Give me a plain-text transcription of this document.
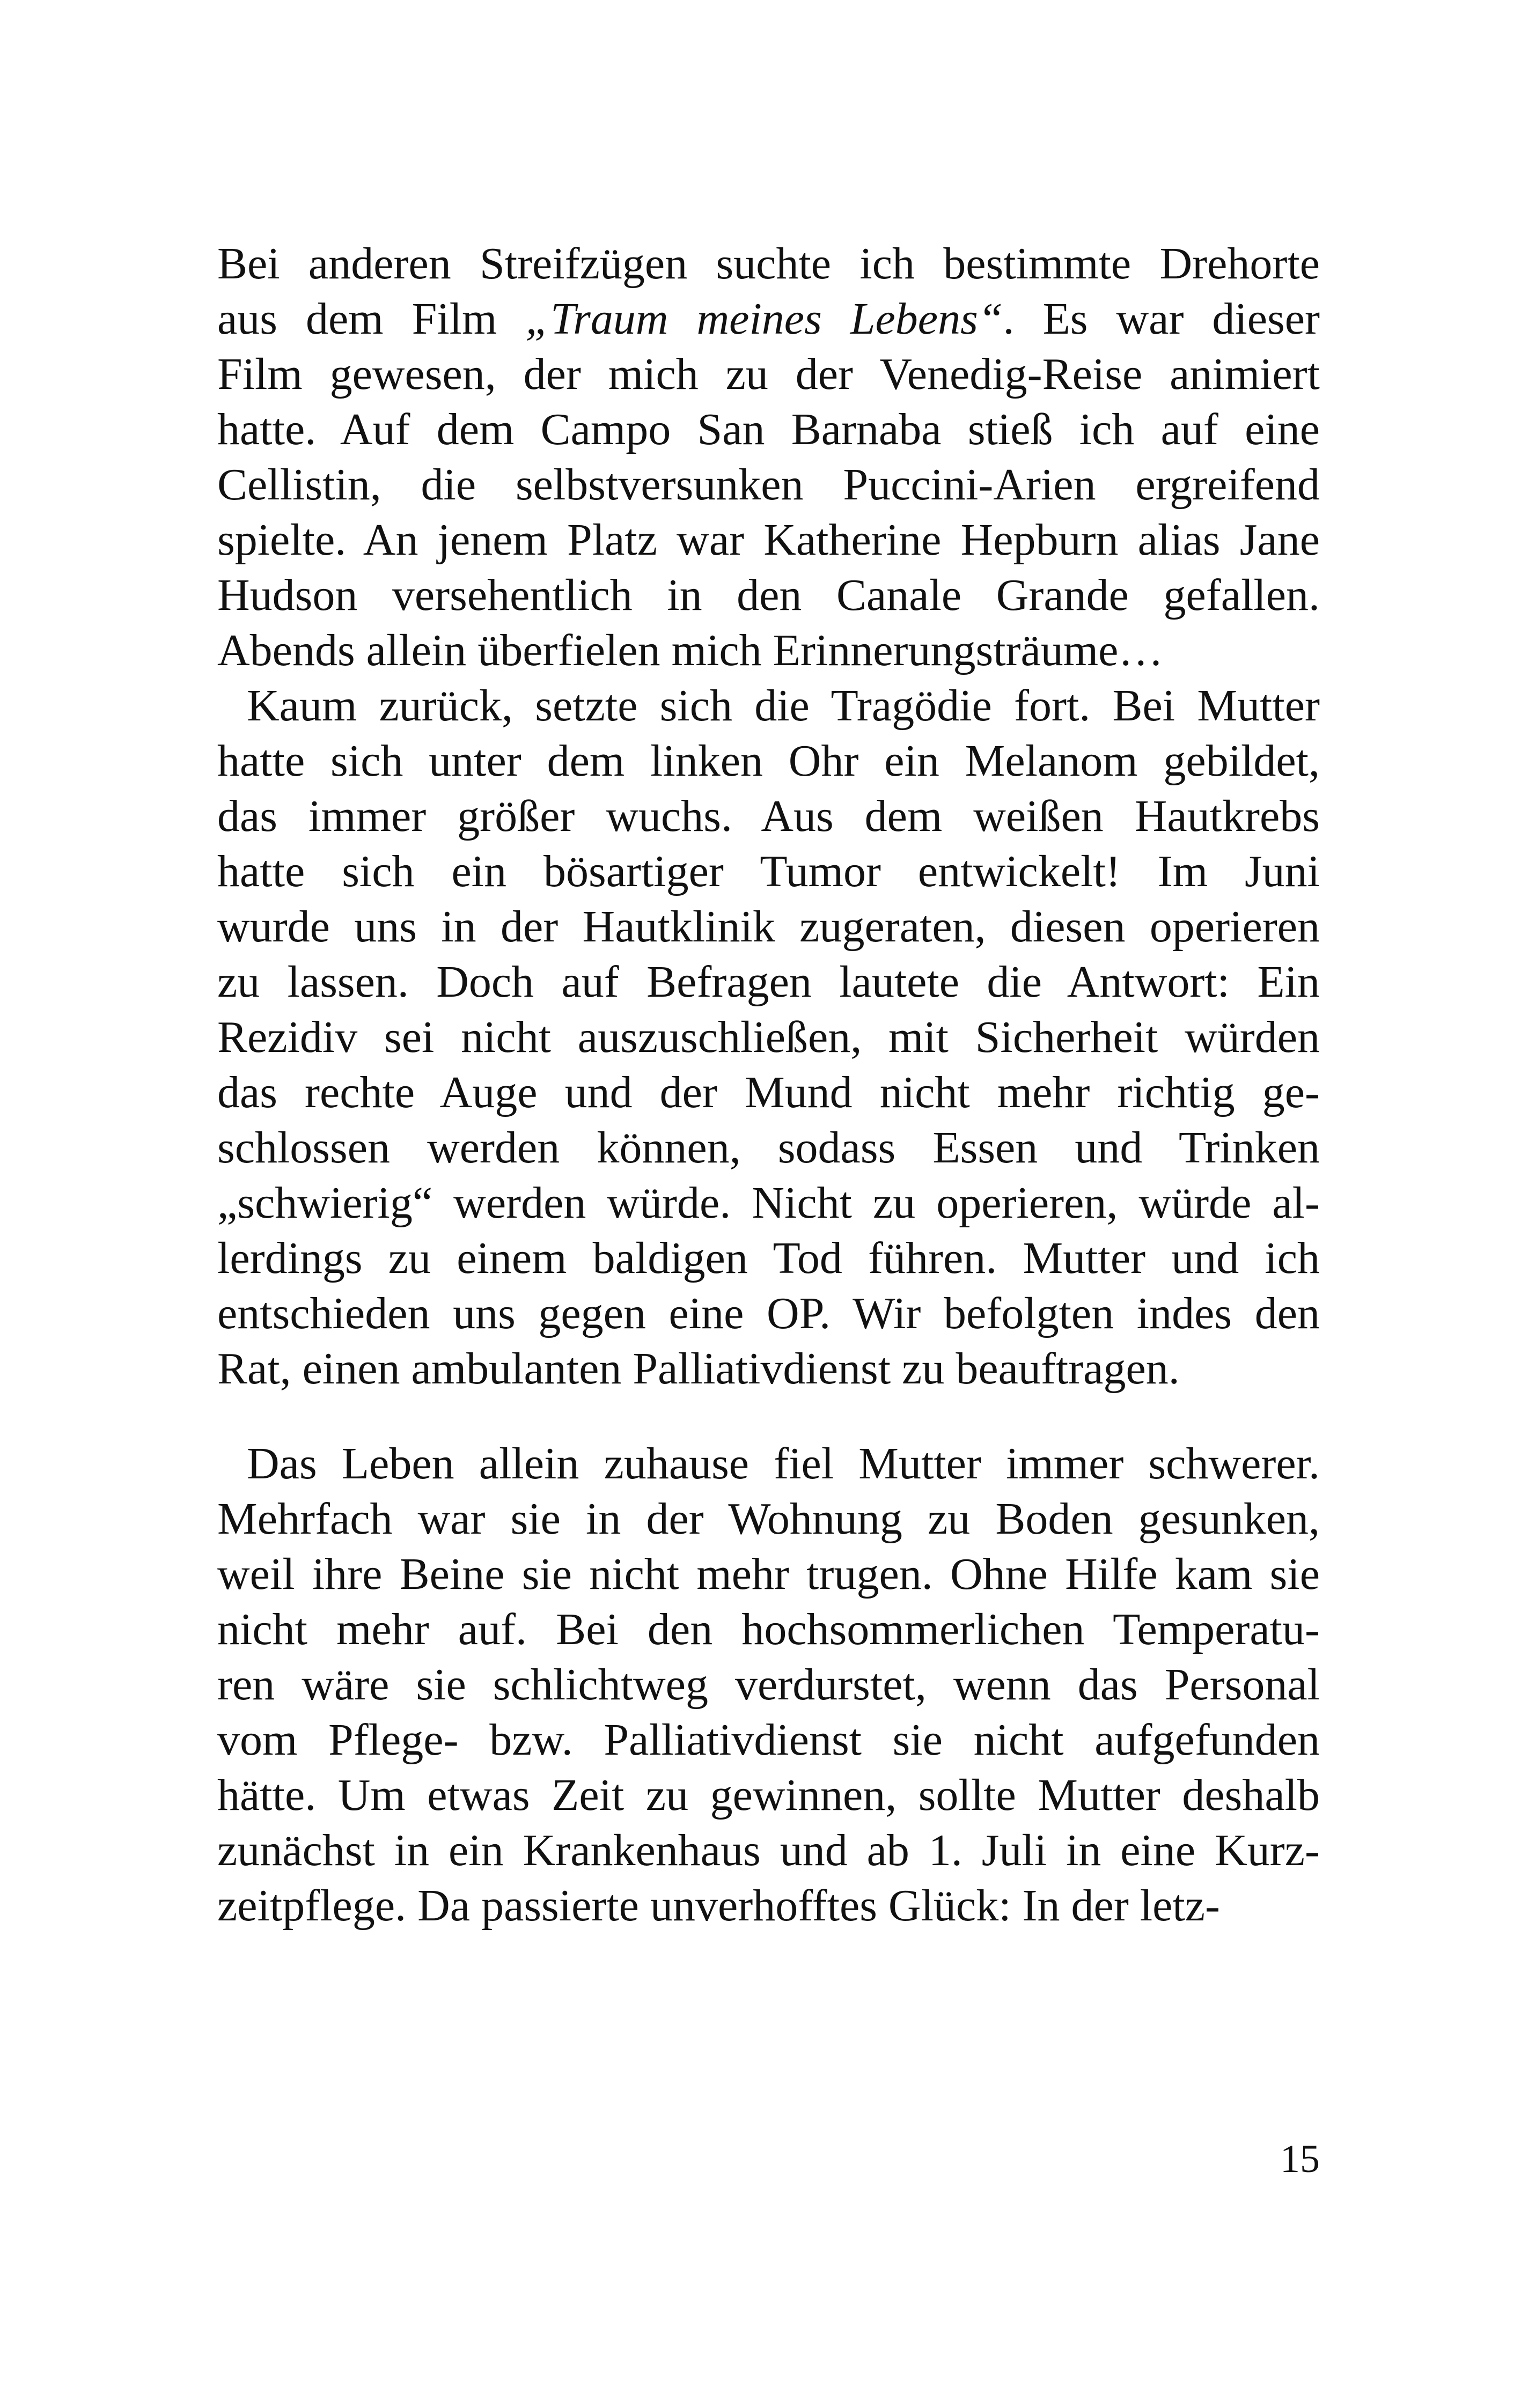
Bei anderen Streifzügen suchte ich bestimmte Drehorte
aus dem Film „Traum meines Lebens“. Es war dieser
Film gewesen, der mich zu der Venedig-Reise animiert
hatte. Auf dem Campo San Barnaba stieß ich auf eine
Cellistin, die selbstversunken Puccini-Arien ergreifend
spielte. An jenem Platz war Katherine Hepburn alias Jane
Hudson versehentlich in den Canale Grande gefallen.
Abends allein überfielen mich Erinnerungsträume…
Kaum zurück, setzte sich die Tragödie fort. Bei Mutter
hatte sich unter dem linken Ohr ein Melanom gebildet,
das immer größer wuchs. Aus dem weißen Hautkrebs
hatte sich ein bösartiger Tumor entwickelt! Im Juni
wurde uns in der Hautklinik zugeraten, diesen operieren
zu lassen. Doch auf Befragen lautete die Antwort: Ein
Rezidiv sei nicht auszuschließen, mit Sicherheit würden
das rechte Auge und der Mund nicht mehr richtig ge-
schlossen werden können, sodass Essen und Trinken
„schwierig“ werden würde. Nicht zu operieren, würde al-
lerdings zu einem baldigen Tod führen. Mutter und ich
entschieden uns gegen eine OP. Wir befolgten indes den
Rat, einen ambulanten Palliativdienst zu beauftragen.
Das Leben allein zuhause fiel Mutter immer schwerer.
Mehrfach war sie in der Wohnung zu Boden gesunken,
weil ihre Beine sie nicht mehr trugen. Ohne Hilfe kam sie
nicht mehr auf. Bei den hochsommerlichen Temperatu-
ren wäre sie schlichtweg verdurstet, wenn das Personal
vom Pflege- bzw. Palliativdienst sie nicht aufgefunden
hätte. Um etwas Zeit zu gewinnen, sollte Mutter deshalb
zunächst in ein Krankenhaus und ab 1. Juli in eine Kurz-
zeitpflege. Da passierte unverhofftes Glück: In der letz-
15
